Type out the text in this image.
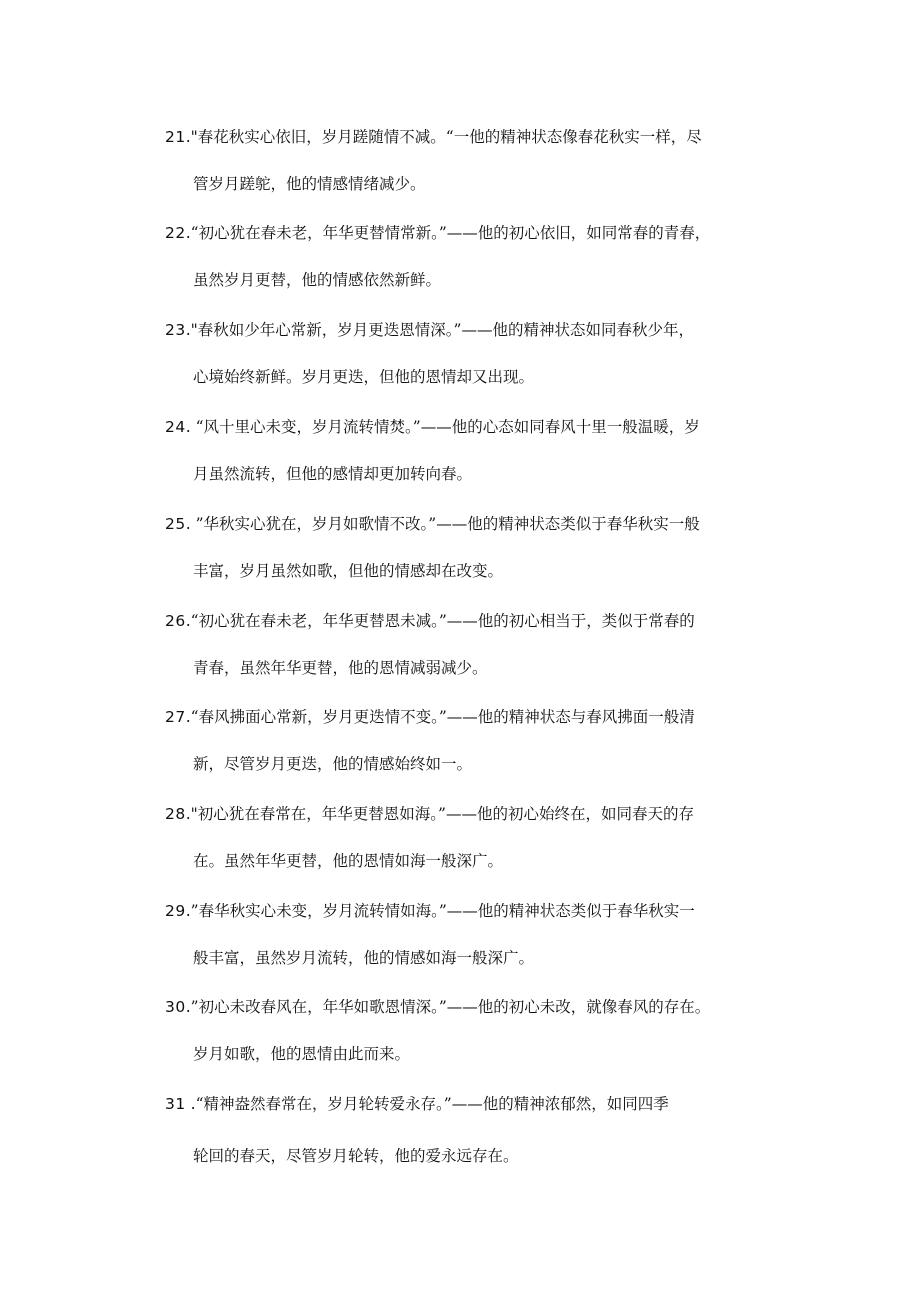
21."春花秋实心依旧，岁月蹉随情不减。“一他的精神状态像春花秋实一样，尽
管岁月蹉鸵，他的情感情绪减少。
22.“初心犹在春未老，年华更替情常新。”——他的初心依旧，如同常春的青春，
虽然岁月更替，他的情感依然新鲜。
23."春秋如少年心常新，岁月更迭恩情深。”——他的精神状态如同春秋少年，
心境始终新鲜。岁月更迭，但他的恩情却又出现。
24. “风十里心未变，岁月流转情焚。”——他的心态如同春风十里一般温暖，岁
月虽然流转，但他的感情却更加转向春。
25. ”华秋实心犹在，岁月如歌情不改。”——他的精神状态类似于春华秋实一般
丰富，岁月虽然如歌，但他的情感却在改变。
26.“初心犹在春未老，年华更替恩未减。”——他的初心相当于，类似于常春的
青春，虽然年华更替，他的恩情减弱减少。
27.“春风拂面心常新，岁月更迭情不变。”——他的精神状态与春风拂面一般清
新，尽管岁月更迭，他的情感始终如一。
28."初心犹在春常在，年华更替恩如海。”——他的初心始终在，如同春天的存
在。虽然年华更替，他的恩情如海一般深广。
29.”春华秋实心未变，岁月流转情如海。”——他的精神状态类似于春华秋实一
般丰富，虽然岁月流转，他的情感如海一般深广。
30.”初心未改春风在，年华如歌恩情深。”——他的初心未改，就像春风的存在。
岁月如歌，他的恩情由此而来。
31 .“精神盎然春常在，岁月轮转爱永存。”——他的精神浓郁然，如同四季
轮回的春天，尽管岁月轮转，他的爱永远存在。
